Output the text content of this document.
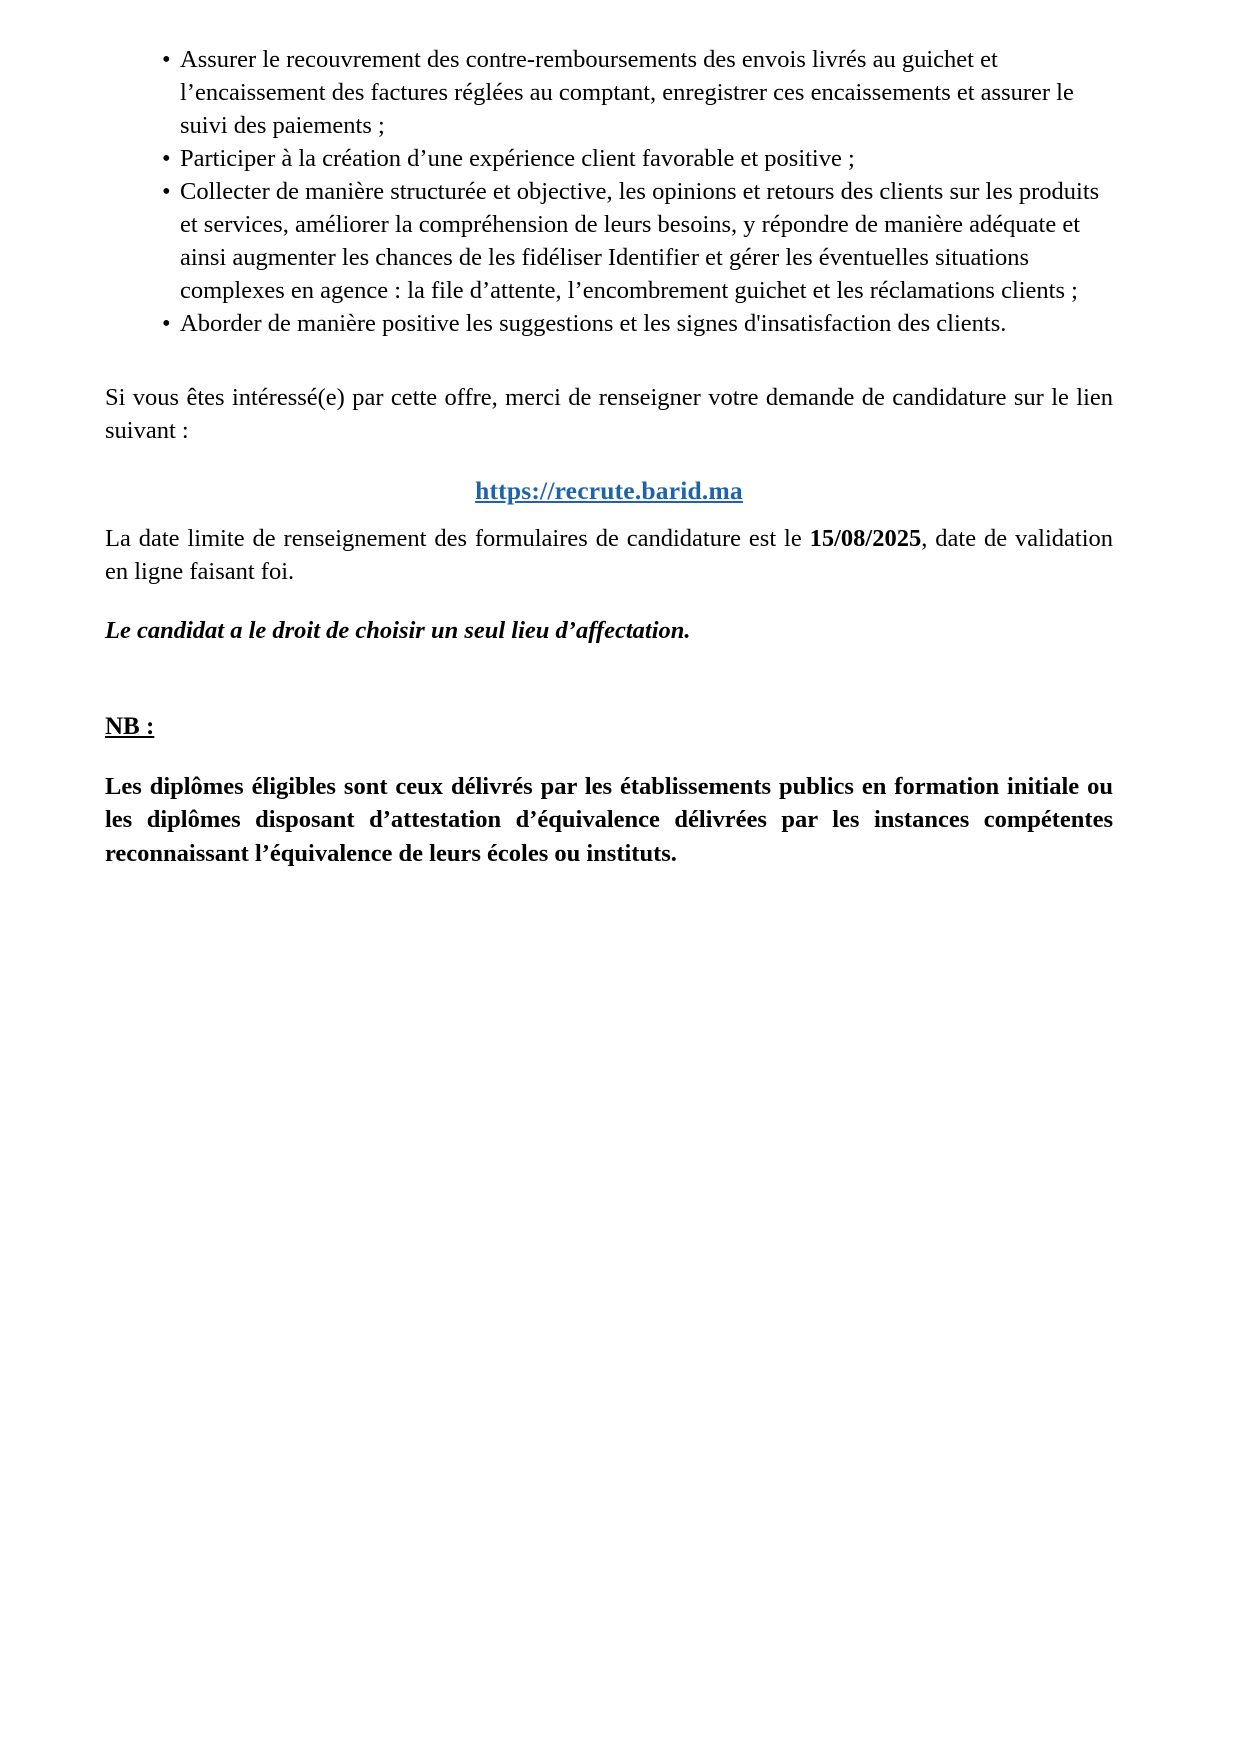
• Assurer le recouvrement des contre-remboursements des envois livrés au guichet et l’encaissement des factures réglées au comptant, enregistrer ces encaissements et assurer le suivi des paiements ;
• Participer à la création d’une expérience client favorable et positive ;
• Collecter de manière structurée et objective, les opinions et retours des clients sur les produits et services, améliorer la compréhension de leurs besoins, y répondre de manière adéquate et ainsi augmenter les chances de les fidéliser Identifier et gérer les éventuelles situations complexes en agence : la file d’attente, l’encombrement guichet et les réclamations clients ;
• Aborder de manière positive les suggestions et les signes d'insatisfaction des clients.

Si vous êtes intéressé(e) par cette offre, merci de renseigner votre demande de candidature sur le lien suivant :

https://recrute.barid.ma

La date limite de renseignement des formulaires de candidature est le 15/08/2025, date de validation en ligne faisant foi.

Le candidat a le droit de choisir un seul lieu d’affectation.

NB :

Les diplômes éligibles sont ceux délivrés par les établissements publics en formation initiale ou les diplômes disposant d’attestation d’équivalence délivrées par les instances compétentes reconnaissant l’équivalence de leurs écoles ou instituts.
